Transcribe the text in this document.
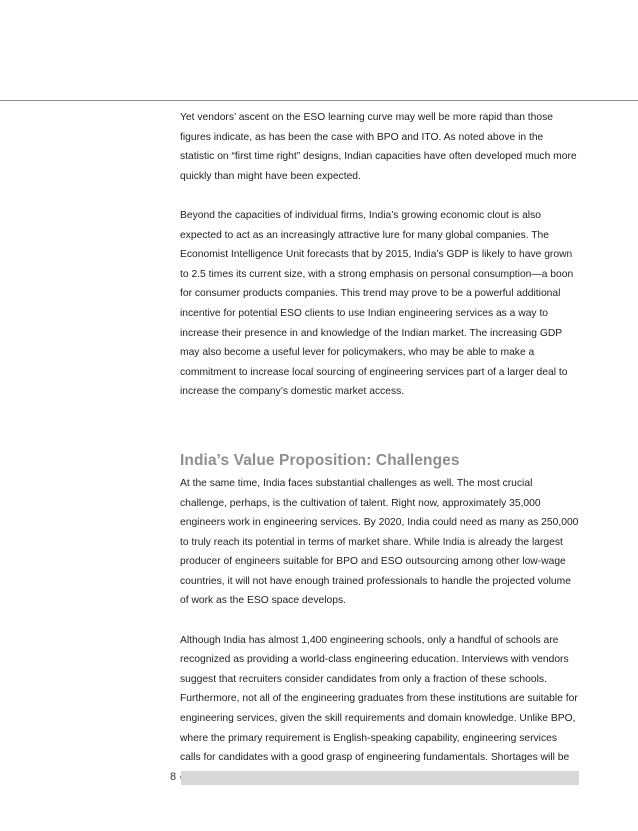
Yet vendors’ ascent on the ESO learning curve may well be more rapid than those figures indicate, as has been the case with BPO and ITO. As noted above in the statistic on “first time right” designs, Indian capacities have often developed much more quickly than might have been expected.

Beyond the capacities of individual firms, India’s growing economic clout is also expected to act as an increasingly attractive lure for many global companies. The Economist Intelligence Unit forecasts that by 2015, India’s GDP is likely to have grown to 2.5 times its current size, with a strong emphasis on personal consumption—a boon for consumer products companies. This trend may prove to be a powerful additional incentive for potential ESO clients to use Indian engineering services as a way to increase their presence in and knowledge of the Indian market. The increasing GDP may also become a useful lever for policymakers, who may be able to make a commitment to increase local sourcing of engineering services part of a larger deal to increase the company’s domestic market access.

India’s Value Proposition: Challenges

At the same time, India faces substantial challenges as well. The most crucial challenge, perhaps, is the cultivation of talent. Right now, approximately 35,000 engineers work in engineering services. By 2020, India could need as many as 250,000 to truly reach its potential in terms of market share. While India is already the largest producer of engineers suitable for BPO and ESO outsourcing among other low-wage countries, it will not have enough trained professionals to handle the projected volume of work as the ESO space develops.

Although India has almost 1,400 engineering schools, only a handful of schools are recognized as providing a world-class engineering education. Interviews with vendors suggest that recruiters consider candidates from only a fraction of these schools. Furthermore, not all of the engineering graduates from these institutions are suitable for engineering services, given the skill requirements and domain knowledge. Unlike BPO, where the primary requirement is English-speaking capability, engineering services calls for candidates with a good grasp of engineering fundamentals. Shortages will be

8
